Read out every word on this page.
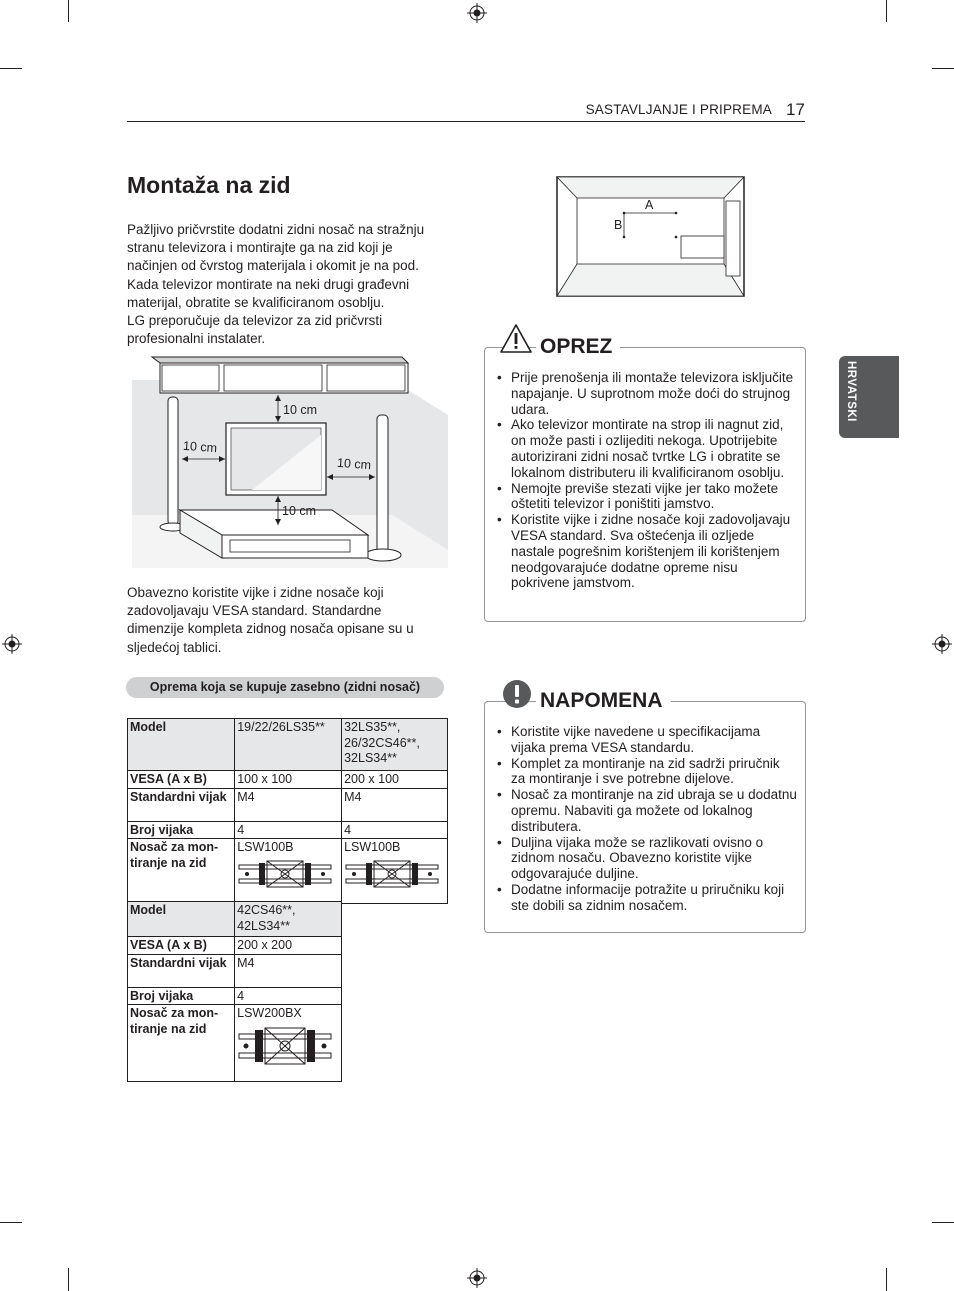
SASTAVLJANJE I PRIPREMA 17
HRVATSKI
Montaža na zid

Pažljivo pričvrstite dodatni zidni nosač na stražnju
stranu televizora i montirajte ga na zid koji je
načinjen od čvrstog materijala i okomit je na pod.
Kada televizor montirate na neki drugi građevni
materijal, obratite se kvalificiranom osoblju.
LG preporučuje da televizor za zid pričvrsti
profesionalni instalater.

10 cm
10 cm
10 cm
10 cm

Obavezno koristite vijke i zidne nosače koji
zadovoljavaju VESA standard. Standardne
dimenzije kompleta zidnog nosača opisane su u
sljedećoj tablici.

Oprema koja se kupuje zasebno (zidni nosač)
Model	19/22/26LS35**	32LS35**, 26/32CS46**, 32LS34**
VESA (A x B)	100 x 100	200 x 100
Standardni vijak	M4	M4
Broj vijaka	4	4
Nosač za mon-tiranje na zid	LSW100B	LSW100B
Model	42CS46**, 42LS34**
VESA (A x B)	200 x 200
Standardni vijak	M4
Broj vijaka	4
Nosač za mon-tiranje na zid	LSW200BX
A
B
OPREZ
• Prije prenošenja ili montaže televizora isključite napajanje. U suprotnom može doći do strujnog udara.
• Ako televizor montirate na strop ili nagnut zid, on može pasti i ozlijediti nekoga. Upotrijebite autorizirani zidni nosač tvrtke LG i obratite se lokalnom distributeru ili kvalificiranom osoblju.
• Nemojte previše stezati vijke jer tako možete oštetiti televizor i poništiti jamstvo.
• Koristite vijke i zidne nosače koji zadovoljavaju VESA standard. Sva oštećenja ili ozljede nastale pogrešnim korištenjem ili korištenjem neodgovarajuće dodatne opreme nisu pokrivene jamstvom.
NAPOMENA
• Koristite vijke navedene u specifikacijama vijaka prema VESA standardu.
• Komplet za montiranje na zid sadrži priručnik za montiranje i sve potrebne dijelove.
• Nosač za montiranje na zid ubraja se u dodatnu opremu. Nabaviti ga možete od lokalnog distributera.
• Duljina vijaka može se razlikovati ovisno o zidnom nosaču. Obavezno koristite vijke odgovarajuće duljine.
• Dodatne informacije potražite u priručniku koji ste dobili sa zidnim nosačem.
